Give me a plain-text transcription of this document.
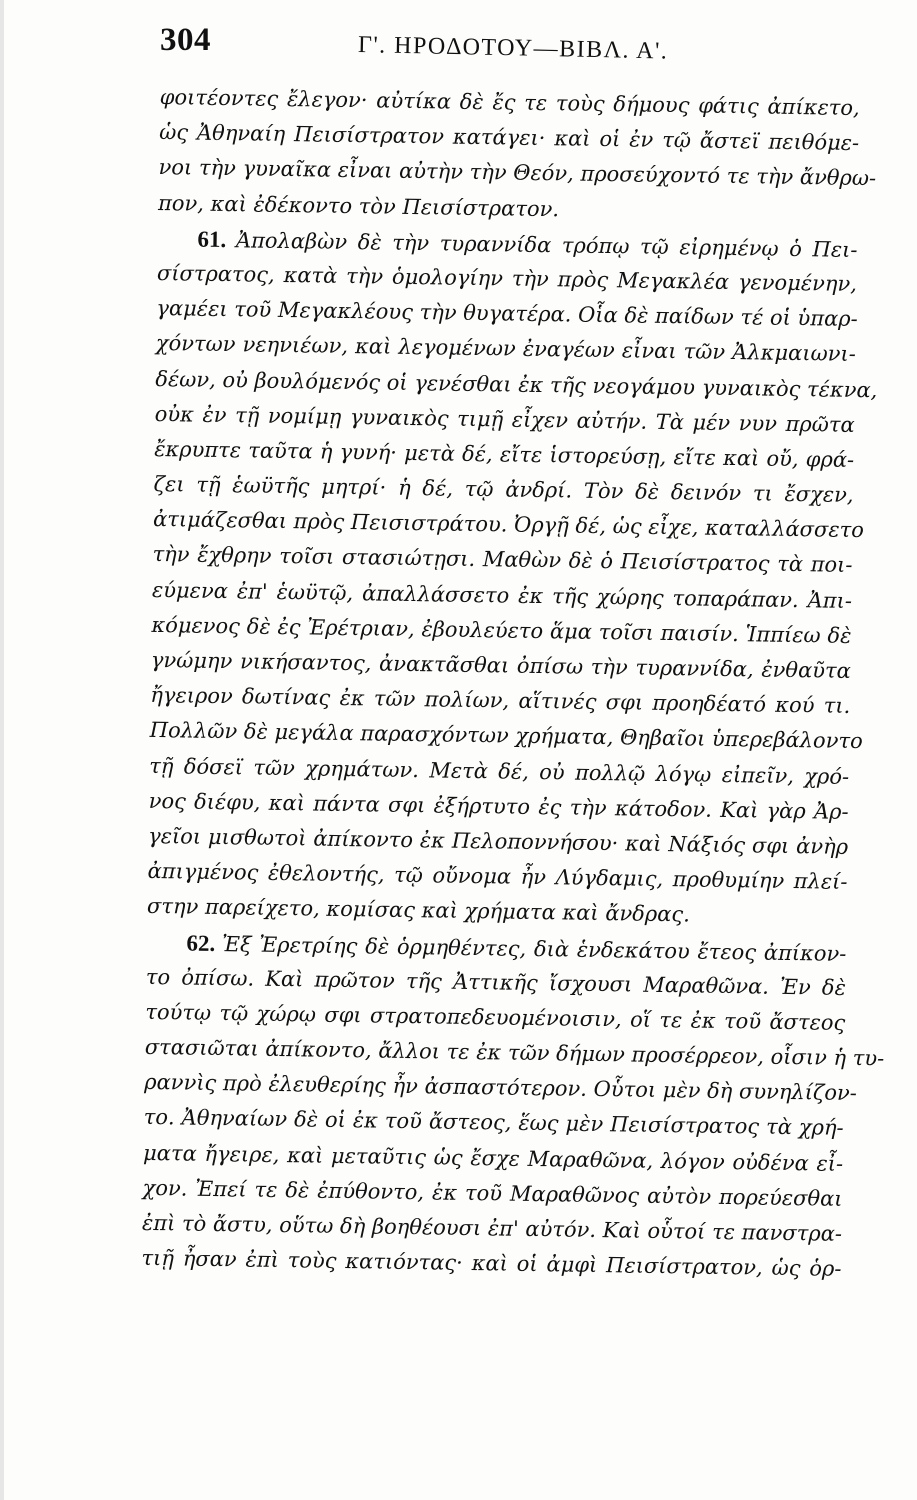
304	Γ'. ΗΡΟΔΟΤΟΥ—ΒΙΒΛ. Α'.
φοιτέοντες ἔλεγον· αὐτίκα δὲ ἔς τε τοὺς δήμους φάτις ἀπίκετο,
ὡς Ἀθηναίη Πεισίστρατον κατάγει· καὶ οἱ ἐν τῷ ἄστεϊ πειθόμε-
νοι τὴν γυναῖκα εἶναι αὐτὴν τὴν Θεόν, προσεύχοντό τε τὴν ἄνθρω-
πον, καὶ ἐδέκοντο τὸν Πεισίστρατον.
61. Ἀπολαβὼν δὲ τὴν τυραννίδα τρόπῳ τῷ εἰρημένῳ ὁ Πει-
σίστρατος, κατὰ τὴν ὁμολογίην τὴν πρὸς Μεγακλέα γενομένην,
γαμέει τοῦ Μεγακλέους τὴν θυγατέρα. Οἷα δὲ παίδων τέ οἱ ὑπαρ-
χόντων νεηνιέων, καὶ λεγομένων ἐναγέων εἶναι τῶν Ἀλκμαιωνι-
δέων, οὐ βουλόμενός οἱ γενέσθαι ἐκ τῆς νεογάμου γυναικὸς τέκνα,
οὐκ ἐν τῇ νομίμῃ γυναικὸς τιμῇ εἶχεν αὐτήν. Τὰ μέν νυν πρῶτα
ἔκρυπτε ταῦτα ἡ γυνή· μετὰ δέ, εἴτε ἱστορεύσῃ, εἴτε καὶ οὔ, φρά-
ζει τῇ ἑωϋτῆς μητρί· ἡ δέ, τῷ ἀνδρί. Τὸν δὲ δεινόν τι ἔσχεν,
ἀτιμάζεσθαι πρὸς Πεισιστράτου. Ὀργῇ δέ, ὡς εἶχε, καταλλάσσετο
τὴν ἔχθρην τοῖσι στασιώτῃσι. Μαθὼν δὲ ὁ Πεισίστρατος τὰ ποι-
εύμενα ἐπ' ἑωϋτῷ, ἀπαλλάσσετο ἐκ τῆς χώρης τοπαράπαν. Ἀπι-
κόμενος δὲ ἐς Ἐρέτριαν, ἐβουλεύετο ἅμα τοῖσι παισίν. Ἱππίεω δὲ
γνώμην νικήσαντος, ἀνακτᾶσθαι ὀπίσω τὴν τυραννίδα, ἐνθαῦτα
ἤγειρον δωτίνας ἐκ τῶν πολίων, αἵτινές σφι προηδέατό κού τι.
Πολλῶν δὲ μεγάλα παρασχόντων χρήματα, Θηβαῖοι ὑπερεβάλοντο
τῇ δόσεϊ τῶν χρημάτων. Μετὰ δέ, οὐ πολλῷ λόγῳ εἰπεῖν, χρό-
νος διέφυ, καὶ πάντα σφι ἐξήρτυτο ἐς τὴν κάτοδον. Καὶ γὰρ Ἀρ-
γεῖοι μισθωτοὶ ἀπίκοντο ἐκ Πελοποννήσου· καὶ Νάξιός σφι ἀνὴρ
ἀπιγμένος ἐθελοντής, τῷ οὔνομα ἦν Λύγδαμις, προθυμίην πλεί-
στην παρείχετο, κομίσας καὶ χρήματα καὶ ἄνδρας.
62. Ἐξ Ἐρετρίης δὲ ὁρμηθέντες, διὰ ἑνδεκάτου ἔτεος ἀπίκον-
το ὀπίσω. Καὶ πρῶτον τῆς Ἀττικῆς ἴσχουσι Μαραθῶνα. Ἐν δὲ
τούτῳ τῷ χώρῳ σφι στρατοπεδευομένοισιν, οἵ τε ἐκ τοῦ ἄστεος
στασιῶται ἀπίκοντο, ἄλλοι τε ἐκ τῶν δήμων προσέρρεον, οἷσιν ἡ τυ-
ραννὶς πρὸ ἐλευθερίης ἦν ἀσπαστότερον. Οὗτοι μὲν δὴ συνηλίζον-
το. Ἀθηναίων δὲ οἱ ἐκ τοῦ ἄστεος, ἕως μὲν Πεισίστρατος τὰ χρή-
ματα ἤγειρε, καὶ μεταῦτις ὡς ἔσχε Μαραθῶνα, λόγον οὐδένα εἶ-
χον. Ἐπεί τε δὲ ἐπύθοντο, ἐκ τοῦ Μαραθῶνος αὐτὸν πορεύεσθαι
ἐπὶ τὸ ἄστυ, οὕτω δὴ βοηθέουσι ἐπ' αὐτόν. Καὶ οὗτοί τε πανστρα-
τιῇ ἦσαν ἐπὶ τοὺς κατιόντας· καὶ οἱ ἀμφὶ Πεισίστρατον, ὡς ὁρ-
